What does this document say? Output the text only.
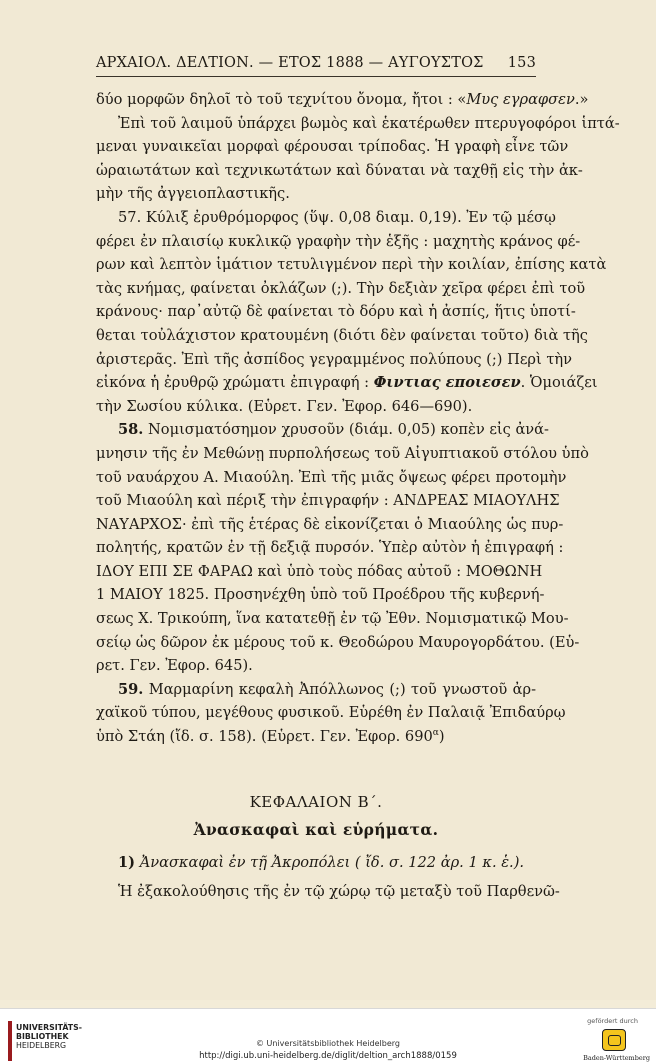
ΑΡΧΑΙΟΛ. ΔΕΛΤΙΟΝ. — ΕΤΟΣ 1888 — ΑΥΓΟΥΣΤΟΣ 153
δύο μορφῶν δηλοῖ τὸ τοῦ τεχνίτου ὄνομα, ἤτοι : «Μυς εγραφσεν.»
Ἐπὶ τοῦ λαιμοῦ ὑπάρχει βωμὸς καὶ ἑκατέρωθεν πτερυγοφόροι ἱπτά-
μεναι γυναικεῖαι μορφαὶ φέρουσαι τρίποδας. Ἡ γραφὴ εἶνε τῶν
ὡραιωτάτων καὶ τεχνικωτάτων καὶ δύναται νὰ ταχθῇ εἰς τὴν ἀκ-
μὴν τῆς ἀγγειοπλαστικῆς.
57. Κύλιξ ἐρυθρόμορφος (ὕψ. 0,08 διαμ. 0,19). Ἐν τῷ μέσῳ
φέρει ἐν πλαισίῳ κυκλικῷ γραφὴν τὴν ἑξῆς : μαχητὴς κράνος φέ-
ρων καὶ λεπτὸν ἱμάτιον τετυλιγμένον περὶ τὴν κοιλίαν, ἐπίσης κατὰ
τὰς κνήμας, φαίνεται ὀκλάζων (;). Τὴν δεξιὰν χεῖρα φέρει ἐπὶ τοῦ
κράνους· παρ᾽αὐτῷ δὲ φαίνεται τὸ δόρυ καὶ ἡ ἀσπίς, ἥτις ὑποτί-
θεται τοὐλάχιστον κρατουμένη (διότι δὲν φαίνεται τοῦτο) διὰ τῆς
ἀριστερᾶς. Ἐπὶ τῆς ἀσπίδος γεγραμμένος πολύπους (;) Περὶ τὴν
εἰκόνα ἡ ἐρυθρῷ χρώματι ἐπιγραφή : Φιντιας εποιεσεν. Ὁμοιάζει
τὴν Σωσίου κύλικα. (Εὑρετ. Γεν. Ἐφορ. 646—690).
58. Νομισματόσημον χρυσοῦν (διάμ. 0,05) κοπὲν εἰς ἀνά-
μνησιν τῆς ἐν Μεθώνῃ πυρπολήσεως τοῦ Αἰγυπτιακοῦ στόλου ὑπὸ
τοῦ ναυάρχου Α. Μιαούλη. Ἐπὶ τῆς μιᾶς ὄψεως φέρει προτομὴν
τοῦ Μιαούλη καὶ πέριξ τὴν ἐπιγραφήν : ΑΝΔΡΕΑΣ ΜΙΑΟΥΛΗΣ
ΝΑΥΑΡΧΟΣ· ἐπὶ τῆς ἑτέρας δὲ εἰκονίζεται ὁ Μιαούλης ὡς πυρ-
πολητής, κρατῶν ἐν τῇ δεξιᾷ πυρσόν. Ὑπὲρ αὐτὸν ἡ ἐπιγραφή :
ΙΔΟΥ ΕΠΙ ΣΕ ΦΑΡΑΩ καὶ ὑπὸ τοὺς πόδας αὐτοῦ : ΜΟΘΩΝΗ
1 ΜΑΙΟΥ 1825. Προσηνέχθη ὑπὸ τοῦ Προέδρου τῆς κυβερνή-
σεως Χ. Τρικούπη, ἵνα κατατεθῇ ἐν τῷ Ἐθν. Νομισματικῷ Μου-
σείῳ ὡς δῶρον ἐκ μέρους τοῦ κ. Θεοδώρου Μαυρογορδάτου. (Εὑ-
ρετ. Γεν. Ἐφορ. 645).
59. Μαρμαρίνη κεφαλὴ Ἀπόλλωνος (;) τοῦ γνωστοῦ ἀρ-
χαϊκοῦ τύπου, μεγέθους φυσικοῦ. Εὑρέθη ἐν Παλαιᾷ Ἐπιδαύρῳ
ὑπὸ Στάη (ἴδ. σ. 158). (Εὑρετ. Γεν. Ἐφορ. $690^\alpha$)
ΚΕΦΑΛΑΙΟΝ Β΄.
Ἀνασκαφαὶ καὶ εὑρήματα.
1) Ἀνασκαφαὶ ἐν τῇ Ἀκροπόλει ( ἴδ. σ. 122 ἀρ. 1 κ. ἑ.).
Ἡ ἐξακολούθησις τῆς ἐν τῷ χώρῳ τῷ μεταξὺ τοῦ Παρθενῶ-
UNIVERSITÄTS-
BIBLIOTHEK
HEIDELBERG	© Universitätsbibliothek Heidelberg
http://digi.ub.uni-heidelberg.de/diglit/deltion_arch1888/0159
gefördert durch
Baden-Württemberg
